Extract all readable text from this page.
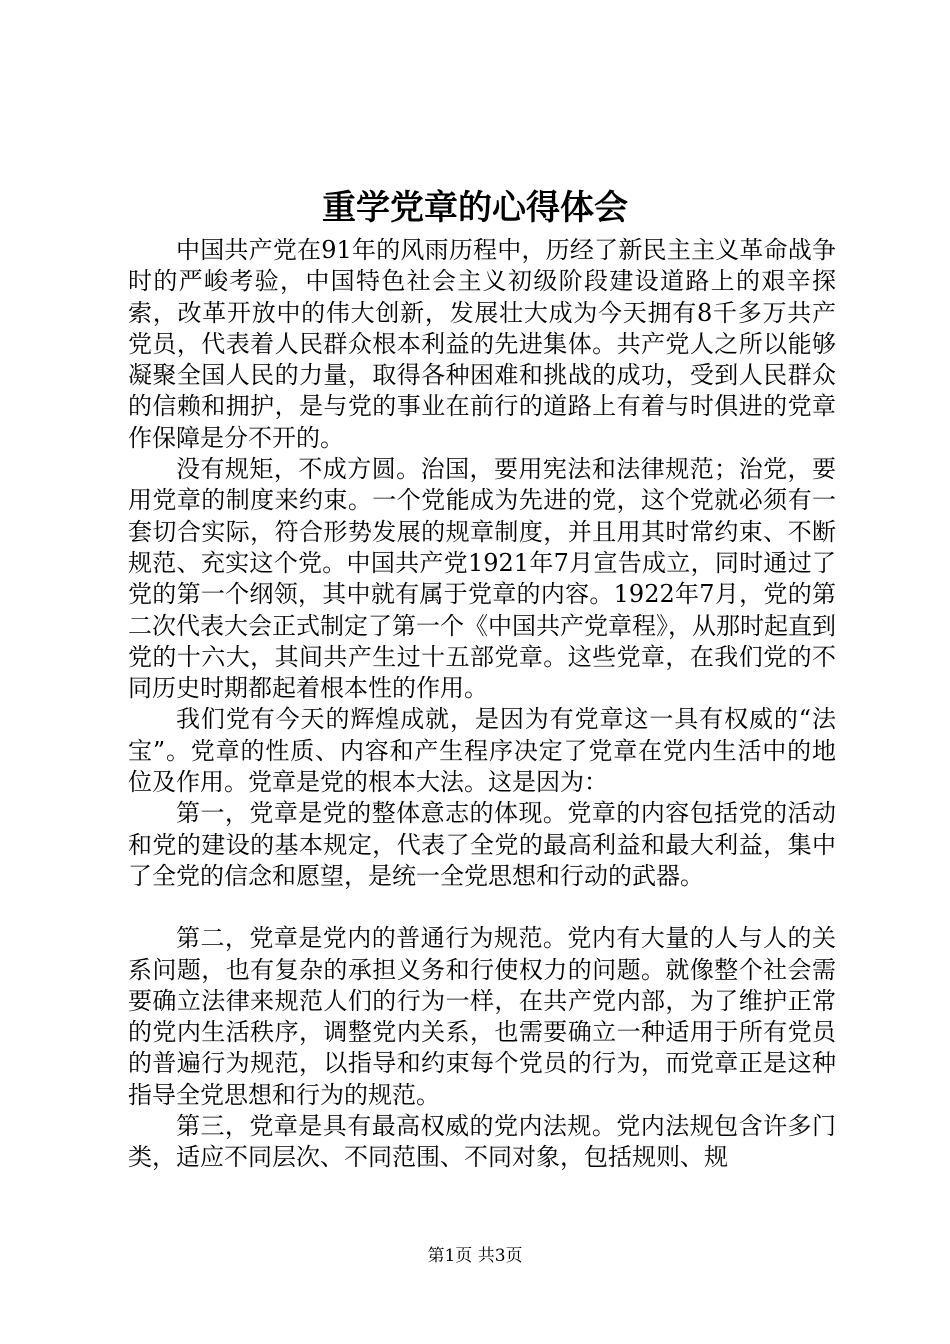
重学党章的心得体会

中国共产党在91年的风雨历程中，历经了新民主主义革命战争时的严峻考验，中国特色社会主义初级阶段建设道路上的艰辛探索，改革开放中的伟大创新，发展壮大成为今天拥有8千多万共产党员，代表着人民群众根本利益的先进集体。共产党人之所以能够凝聚全国人民的力量，取得各种困难和挑战的成功，受到人民群众的信赖和拥护，是与党的事业在前行的道路上有着与时俱进的党章作保障是分不开的。

没有规矩，不成方圆。治国，要用宪法和法律规范；治党，要用党章的制度来约束。一个党能成为先进的党，这个党就必须有一套切合实际，符合形势发展的规章制度，并且用其时常约束、不断规范、充实这个党。中国共产党1921年7月宣告成立，同时通过了党的第一个纲领，其中就有属于党章的内容。1922年7月，党的第二次代表大会正式制定了第一个《中国共产党章程》，从那时起直到党的十六大，其间共产生过十五部党章。这些党章，在我们党的不同历史时期都起着根本性的作用。

我们党有今天的辉煌成就，是因为有党章这一具有权威的“法宝”。党章的性质、内容和产生程序决定了党章在党内生活中的地位及作用。党章是党的根本大法。这是因为：

第一，党章是党的整体意志的体现。党章的内容包括党的活动和党的建设的基本规定，代表了全党的最高利益和最大利益，集中了全党的信念和愿望，是统一全党思想和行动的武器。

第二，党章是党内的普通行为规范。党内有大量的人与人的关系问题，也有复杂的承担义务和行使权力的问题。就像整个社会需要确立法律来规范人们的行为一样，在共产党内部，为了维护正常的党内生活秩序，调整党内关系，也需要确立一种适用于所有党员的普遍行为规范，以指导和约束每个党员的行为，而党章正是这种指导全党思想和行为的规范。

第三，党章是具有最高权威的党内法规。党内法规包含许多门类，适应不同层次、不同范围、不同对象，包括规则、规

第1页 共3页
